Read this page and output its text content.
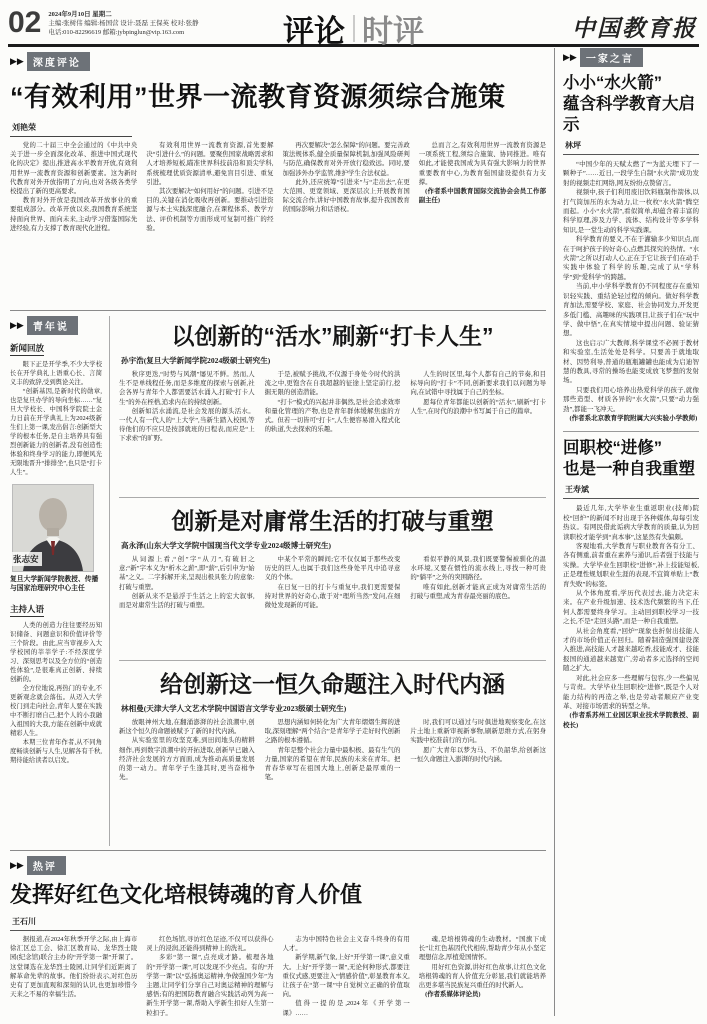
02 2024年9月10日 星期二
主编:张树伟 编辑:杨国营 设计:聂磊 王保英 校对:张静
电话:010-82296619 邮箱:jybpinglun@vip.163.com	评论 时评	中国教育报
▶▶ 深度评论
“有效利用”世界一流教育资源须综合施策
刘艳荣

党的二十届三中全会通过的《中共中央关于进一步全面深化改革、推进中国式现代化的决定》提出,推进高水平教育开放,有效利用世界一流教育资源和创新要素。这为新时代教育对外开放指明了方向,也对各级各类学校提出了新的更高要求。

教育对外开放是我国改革开放事业的重要组成部分。改革开放以来,我国教育系统坚持面向世界、面向未来,主动学习借鉴国际先进经验,有力支撑了教育现代化进程。

有效利用世界一流教育资源,首先要解决“引进什么”的问题。要聚焦国家战略需求和人才培养短板,瞄准世界科技前沿和顶尖学科,系统梳理优质资源清单,避免盲目引进、重复引进。

其次要解决“如何用好”的问题。引进不是目的,关键在消化吸收再创新。要推动引进资源与本土实践深度融合,在课程体系、教学方法、评价机制等方面形成可复制可推广的经验。

再次要解决“怎么保障”的问题。要完善政策法规体系,健全质量保障机制,加强风险研判与防范,确保教育对外开放行稳致远。同时,要加强涉外办学监管,维护学生合法权益。

此外,还应统筹“引进来”与“走出去”,在更大范围、更宽领域、更深层次上开展教育国际交流合作,讲好中国教育故事,提升我国教育的国际影响力和话语权。

总而言之,有效利用世界一流教育资源是一项系统工程,须综合施策、协同推进。唯有如此,才能使我国成为具有强大影响力的世界重要教育中心,为教育强国建设提供有力支撑。

(作者系中国教育国际交流协会会员工作部副主任)

▶▶ 青年说
新闻回放

眼下正是开学季,不少大学校长在开学典礼上语重心长、言简义丰的致辞,受到舆论关注。

“创新基因,是新时代的勋章,也是复旦办学的导向坐标……”复旦大学校长、中国科学院院士金力日前在开学典礼上为2024级新生们上第一课,发出倡言:创新型大学的根本任务,是自主培养具有强烈创新能力的创新者,没有创造性体验和终身学习的能力,即便风光无限地晋升“排排坐”,也只是“打卡人生”。

张志安
复旦大学新闻学院教授、传播与国家治理研究中心主任
主持人语

人类的创造力往往要经历知识储备、问题意识和价值评价等三个阶段。由此,应当审视步入大学校园的莘莘学子:不经深度学习、深刻思考以及全方位的“创造性体验”,是很难真正创新、持续创新的。

全方位地说,再热门的专业,不更新观念就会落伍。从迈入大学校门到走向社会,青年人要在实践中不断打磨自己,把个人的小我融入祖国的大我,方能在创新中成就精彩人生。

本期三位青年作者,从不同角度畅谈创新与人生,见解各有千秋,期待能给读者以启发。

以创新的“活水”刷新“打卡人生”
孙宇浩(复旦大学新闻学院2024级硕士研究生)

秋序更迭,“时势与风潮”屡见不鲜。然而,人生不是单线程任务,而是多维度的探索与创新,社会各界与青年个人都需要活水涌入,打破“打卡人生”的外在桎梏,追求内在的持续创新。

创新如活水涌流,是社会发展的源头活水。一代人有一代人的“上大学”,当新生踏入校园,等待他们的不应只是按部就班的日程表,而应是“上下求索”的旷野。

于是,被赋予挑战,不仅源于身处今时代的洪流之中,更饱含在自我超越的征途上坚定前行,挖掘无限的创造潜能。

“打卡”模式的兴起并非偶然,是社会追求效率和量化管理的产物,也是青年群体缓解焦虑的方式。但若一切皆可“打卡”,人生便容易滑入程式化的轨道,失去探索的乐趣。

人生的时区里,每个人都有自己的节奏,和目标导向的“打卡”不同,创新要求我们以问题为导向,在试错中寻找属于自己的坐标。

愿每位青年都能以创新的“活水”,刷新“打卡人生”,在时代的浪潮中书写属于自己的篇章。

创新是对庸常生活的打破与重塑
高永泽(山东大学文学院中国现当代文学专业2024级博士研究生)

从词源上看,“创”字“从刀”,有破旧之意;“新”字本义为“析木之薪”,即“薪”,后引申为“始基”之义。二字拆解开来,呈现出极具张力的意象:打破与重塑。

创新从来不是悬浮于生活之上的宏大叙事,而是对庸常生活的打破与重塑。

中某个平常的瞬间;它不仅仅属于那些改变历史的巨人,也属于我们这些身处平凡中追寻意义的个体。

在日复一日的打卡与重复中,我们更需要保持对世界的好奇心,敢于对“理所当然”发问,在细微处发现新的可能。

看似平静的风景,我们既要警惕被驯化的温水环境,又要在惯性的流水线上,寻找一种可贵的“躺平”之外的突围路径。

唯有如此,创新才能真正成为对庸常生活的打破与重塑,成为青春最亮丽的底色。

给创新这一恒久命题注入时代内涵
林相曼(天津大学人文艺术学院中国语言文学专业2023级硕士研究生)

放眼神州大地,在翻涌澎湃的社会浪潮中,创新这个恒久的命题被赋予了新的时代内涵。

从实验室里的攻坚克难,到田间地头的精耕细作,再到数字浪潮中的开拓进取,创新早已融入经济社会发展的方方面面,成为推动高质量发展的第一动力。青年学子生逢其时,更当奋楫争先。

思想内涵如何转化为广大青年熠熠生辉的进取,深刻理解“两个结合”是青年学子走好时代创新之路的根本遵循。

青年是整个社会力量中最积极、最有生气的力量,国家的希望在青年,民族的未来在青年。把青春华章写在祖国大地上,创新是最厚重的一笔。

时,我们可以通过与时俱进地观察变化,在这片土地上重新审视新事物,刷新思维方式,在躬身实践中校准前行的方向。

愿广大青年以梦为马、不负韶华,给创新这一恒久命题注入澎湃的时代内涵。

▶▶ 热评
发挥好红色文化培根铸魂的育人价值
王石川

据报道,在2024年秋季开学之际,由上海市徐汇区总工会、徐汇区教育局、龙华烈士陵园(纪念馆)联合主办的“开学第一课”开课了。这堂课选在龙华烈士陵园,让同学们近距离了解革命先辈的故事。他们纷纷表示,对红色历史有了更加直观和深刻的认识,也更加珍惜今天来之不易的幸福生活。

红色场馆,寻访红色足迹,不仅可以获得心灵上的浸润,还能得到精神上的洗礼。

多彩“第一课”,点亮成才路。梳理各地的“开学第一课”,可以发现不少亮点。有的“开学第一课”以“弘扬奥运精神,争做强国少年”为主题,让同学们分享自己对奥运精神的理解与感悟;有的把国防教育融合实践活动列为高一新生开学第一课,帮助入学新生扣好人生第一粒扣子。

志为中国特色社会主义奋斗终身的有用人才。

新学期,新气象,上好“开学第一课”,意义重大。上好“开学第一课”,无论何种形式,都要注重仪式感,更要注入“情感价值”,彰显教育本义,让孩子在“第一课”中自觉树立正确的价值取向。

值得一提的是,2024年《开学第一课》……

魂,是培根铸魂的生动教材。“国旗下成长”让红色基因代代相传,帮助青少年从小坚定理想信念,厚植爱国情怀。

用好红色资源,讲好红色故事,让红色文化培根铸魂的育人价值充分彰显,我们就能培养出更多堪当民族复兴重任的时代新人。

(作者系媒体评论员)

▶▶ 一家之言
小小“水火箭”
蕴含科学教育大启示
林坪

“中国少年的天赋太燃了”“为蓝天埋下了一颗种子”……近日,一段学生自制“水火箭”成功发射的视频走红网络,网友纷纷点赞留言。

视频中,孩子们利用废旧饮料瓶制作箭体,以打气筒加压的水为动力,让一枚枚“水火箭”腾空而起。小小“水火箭”,看似简单,却蕴含着丰富的科学原理,涉及力学、流体、结构设计等多学科知识,是一堂生动的科学实践课。

科学教育的要义,不在于灌输多少知识点,而在于呵护孩子的好奇心,点燃其探究的热情。“水火箭”之所以打动人心,正在于它让孩子们在动手实践中体验了科学的乐趣,完成了从“学科学”到“爱科学”的跨越。

当前,中小学科学教育仍不同程度存在重知识轻实践、重结论轻过程的倾向。做好科学教育加法,需要学校、家庭、社会协同发力,开发更多低门槛、高趣味的实践项目,让孩子们在“玩中学、做中悟”,在真实情境中提出问题、验证猜想。

这也启示广大教师,科学课堂不必囿于教材和实验室,生活处处是科学。只要善于就地取材、因势利导,普通的瓶瓶罐罐也能成为启迪智慧的教具,寻常的操场也能变成放飞梦想的发射场。

只要我们用心培养出热爱科学的孩子,就像那些造型、材质各异的“水火箭”,只要“动力强劲”,都能一飞冲天。

(作者系北京教育学院附属大兴实验小学教师)

回职校“进修”
也是一种自我重塑
王寿斌

最近几年,大学毕业生重返职业(技师)院校“回炉”的新闻不时出现于各种媒体,每每引发热议。有网民借此诟病大学教育的质量,认为回读职校才能学到“真本事”,这显然有失偏颇。

客观地看,大学教育与职业教育各有分工、各有侧重,前者重在素养与通识,后者强于技能与实操。大学毕业生回职校“进修”,补上技能短板,正是理性规划职业生涯的表现,不宜简单贴上“教育失败”的标签。

从个体角度看,学历代表过去,能力决定未来。在产业升级加速、技术迭代频繁的当下,任何人都需要终身学习。主动回到职校学习一技之长,不是“走回头路”,而是一种自我重塑。

从社会角度看,“回炉”现象也折射出技能人才的市场价值正在回归。随着制造强国建设深入推进,高技能人才越来越吃香,技能成才、技能报国的通道越来越宽广,劳动者多元选择的空间随之扩大。

对此,社会应多一些理解与包容,少一些偏见与苛责。大学毕业生回职校“进修”,既是个人对能力结构的再造之举,也是劳动者顺应产业变革、对接市场需求的转型之举。

(作者系苏州工业园区职业技术学院教授、副校长)
